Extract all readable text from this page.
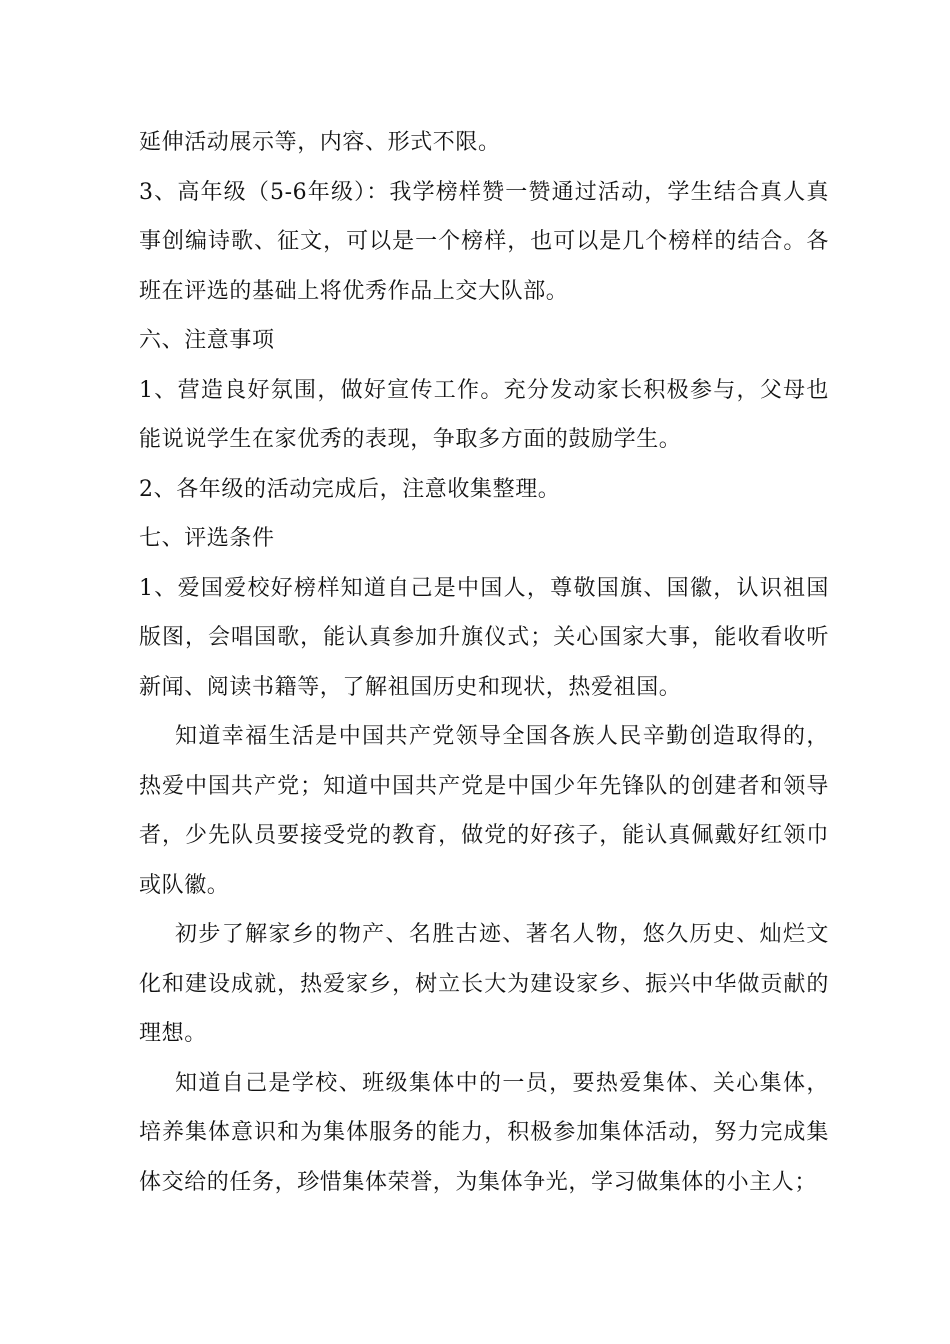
延伸活动展示等，内容、形式不限。

3、高年级（5-6年级）：我学榜样赞一赞通过活动，学生结合真人真事创编诗歌、征文，可以是一个榜样，也可以是几个榜样的结合。各班在评选的基础上将优秀作品上交大队部。

六、注意事项

1、营造良好氛围，做好宣传工作。充分发动家长积极参与，父母也能说说学生在家优秀的表现，争取多方面的鼓励学生。

2、各年级的活动完成后，注意收集整理。

七、评选条件

1、爱国爱校好榜样知道自己是中国人，尊敬国旗、国徽，认识祖国版图，会唱国歌，能认真参加升旗仪式；关心国家大事，能收看收听新闻、阅读书籍等，了解祖国历史和现状，热爱祖国。

知道幸福生活是中国共产党领导全国各族人民辛勤创造取得的，热爱中国共产党；知道中国共产党是中国少年先锋队的创建者和领导者，少先队员要接受党的教育，做党的好孩子，能认真佩戴好红领巾或队徽。

初步了解家乡的物产、名胜古迹、著名人物，悠久历史、灿烂文化和建设成就，热爱家乡，树立长大为建设家乡、振兴中华做贡献的理想。

知道自己是学校、班级集体中的一员，要热爱集体、关心集体，培养集体意识和为集体服务的能力，积极参加集体活动，努力完成集体交给的任务，珍惜集体荣誉，为集体争光，学习做集体的小主人；
